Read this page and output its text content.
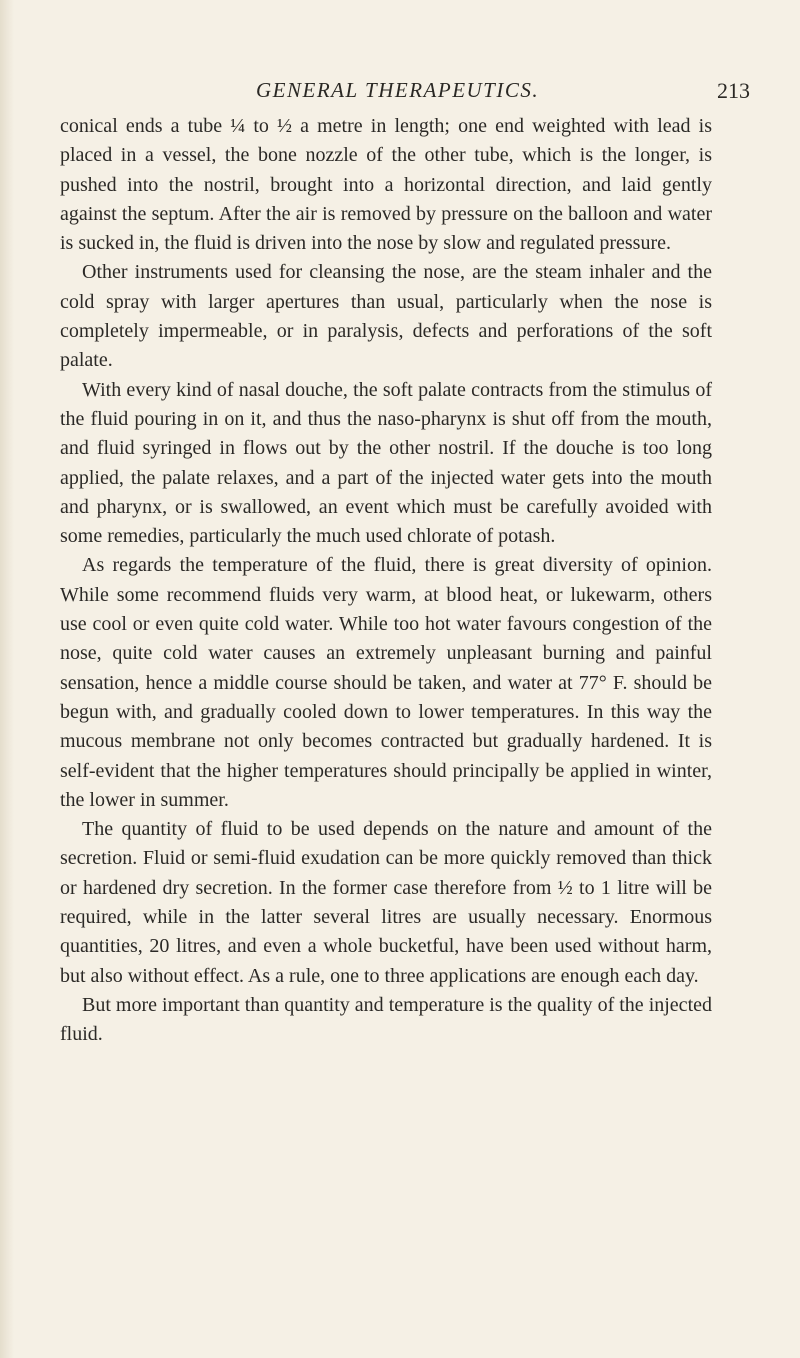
GENERAL THERAPEUTICS.	213

conical ends a tube ¼ to ½ a metre in length; one end weighted with lead is placed in a vessel, the bone nozzle of the other tube, which is the longer, is pushed into the nostril, brought into a horizontal direction, and laid gently against the septum. After the air is removed by pressure on the balloon and water is sucked in, the fluid is driven into the nose by slow and regulated pressure.

Other instruments used for cleansing the nose, are the steam inhaler and the cold spray with larger apertures than usual, particularly when the nose is completely impermeable, or in paralysis, defects and perforations of the soft palate.

With every kind of nasal douche, the soft palate contracts from the stimulus of the fluid pouring in on it, and thus the naso-pharynx is shut off from the mouth, and fluid syringed in flows out by the other nostril. If the douche is too long applied, the palate relaxes, and a part of the injected water gets into the mouth and pharynx, or is swallowed, an event which must be carefully avoided with some remedies, particularly the much used chlorate of potash.

As regards the temperature of the fluid, there is great diversity of opinion. While some recommend fluids very warm, at blood heat, or lukewarm, others use cool or even quite cold water. While too hot water favours congestion of the nose, quite cold water causes an extremely unpleasant burning and painful sensation, hence a middle course should be taken, and water at 77° F. should be begun with, and gradually cooled down to lower temperatures. In this way the mucous membrane not only becomes contracted but gradually hardened. It is self-evident that the higher temperatures should principally be applied in winter, the lower in summer.

The quantity of fluid to be used depends on the nature and amount of the secretion. Fluid or semi-fluid exudation can be more quickly removed than thick or hardened dry secretion. In the former case therefore from ½ to 1 litre will be required, while in the latter several litres are usually necessary. Enormous quantities, 20 litres, and even a whole bucketful, have been used without harm, but also without effect. As a rule, one to three applications are enough each day.

But more important than quantity and temperature is the quality of the injected fluid.
